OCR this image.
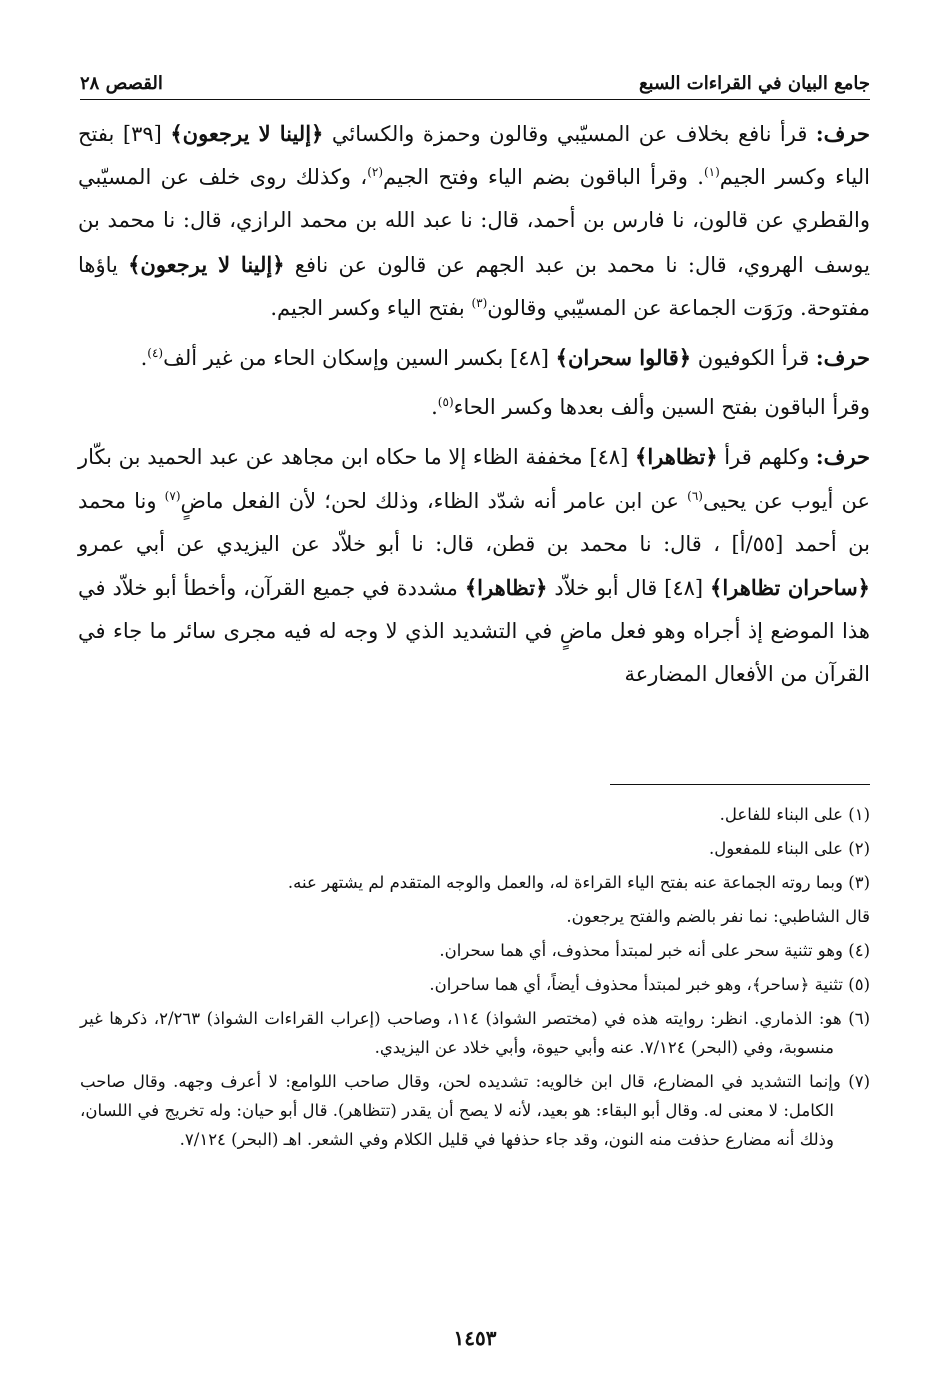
جامع البيان في القراءات السبع
القصص ٢٨

حرف: قرأ نافع بخلاف عن المسيّبي وقالون وحمزة والكسائي ﴿إلينا لا يرجعون﴾ [٣٩] بفتح الياء وكسر الجيم$^{(١)}$. وقرأ الباقون بضم الياء وفتح الجيم$^{(٢)}$، وكذلك روى خلف عن المسيّبي والقطري عن قالون، نا فارس بن أحمد، قال: نا عبد الله بن محمد الرازي، قال: نا محمد بن يوسف الهروي، قال: نا محمد بن عبد الجهم عن قالون عن نافع ﴿إلينا لا يرجعون﴾ ياؤها مفتوحة. ورَوَت الجماعة عن المسيّبي وقالون$^{(٣)}$ بفتح الياء وكسر الجيم.

حرف: قرأ الكوفيون ﴿قالوا سحران﴾ [٤٨] بكسر السين وإسكان الحاء من غير ألف$^{(٤)}$.

وقرأ الباقون بفتح السين وألف بعدها وكسر الحاء$^{(٥)}$.

حرف: وكلهم قرأ ﴿تظاهرا﴾ [٤٨] مخففة الظاء إلا ما حكاه ابن مجاهد عن عبد الحميد بن بكّار عن أيوب عن يحيى$^{(٦)}$ عن ابن عامر أنه شدّد الظاء، وذلك لحن؛ لأن الفعل ماضٍ$^{(٧)}$ ونا محمد بن أحمد [٥٥/أ] ، قال: نا محمد بن قطن، قال: نا أبو خلاّد عن اليزيدي عن أبي عمرو ﴿ساحران تظاهرا﴾ [٤٨] قال أبو خلاّد ﴿تظاهرا﴾ مشددة في جميع القرآن، وأخطأ أبو خلاّد في هذا الموضع إذ أجراه وهو فعل ماضٍ في التشديد الذي لا وجه له فيه مجرى سائر ما جاء في القرآن من الأفعال المضارعة

(١) على البناء للفاعل.

(٢) على البناء للمفعول.

(٣) وبما روته الجماعة عنه بفتح الياء القراءة له، والعمل والوجه المتقدم لم يشتهر عنه.

قال الشاطبي: نما نفر بالضم والفتح يرجعون.

(٤) وهو تثنية سحر على أنه خبر لمبتدأ محذوف، أي هما سحران.

(٥) تثنية ﴿ساحر﴾، وهو خبر لمبتدأ محذوف أيضاً، أي هما ساحران.

(٦) هو: الذماري. انظر: روايته هذه في (مختصر الشواذ) ١١٤، وصاحب (إعراب القراءات الشواذ) ٢/٢٦٣، ذكرها غير منسوبة، وفي (البحر) ٧/١٢٤. عنه وأبي حيوة، وأبي خلاد عن اليزيدي.

(٧) وإنما التشديد في المضارع، قال ابن خالويه: تشديده لحن، وقال صاحب اللوامع: لا أعرف وجهه. وقال صاحب الكامل: لا معنى له. وقال أبو البقاء: هو بعيد، لأنه لا يصح أن يقدر (تتظاهر). قال أبو حيان: وله تخريج في اللسان، وذلك أنه مضارع حذفت منه النون، وقد جاء حذفها في قليل الكلام وفي الشعر. اهـ (البحر) ٧/١٢٤.

١٤٥٣
